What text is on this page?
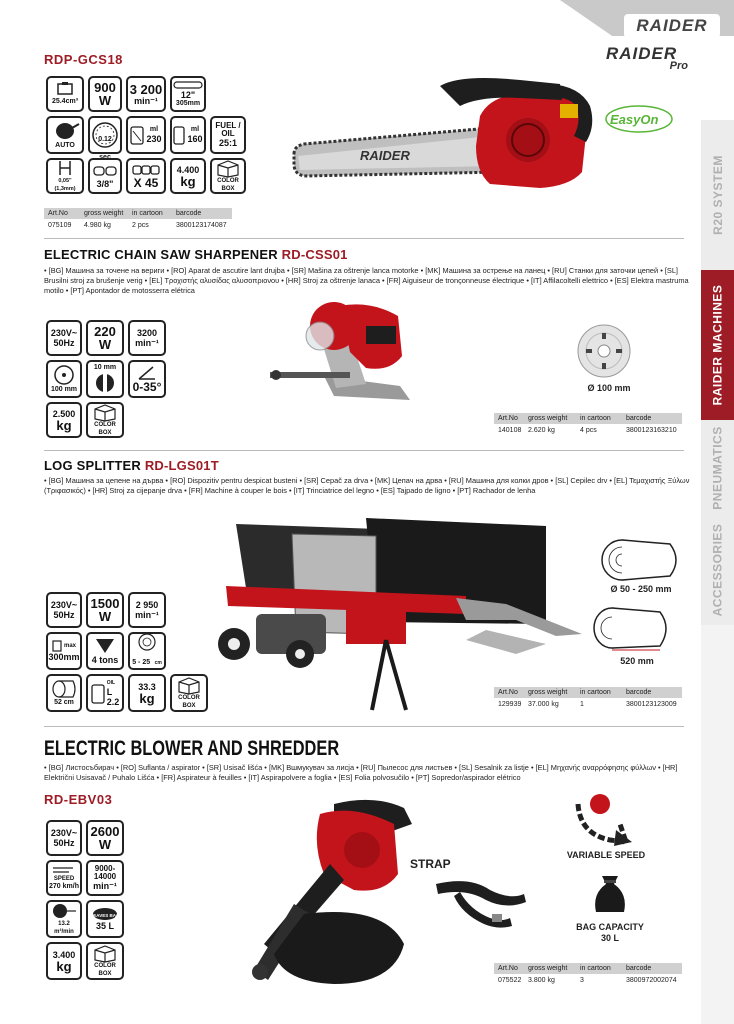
RAIDER
RAIDER
Pro
EasyOn
R20 SYSTEM
RAIDER MACHINES
PNEUMATICS
ACCESSORIES
RDP-GCS18
25.4cm³
900
W
3 200
min⁻¹
12"
305mm
AUTO
0.12

ml
230
ml
160
FUEL / OIL
25:1
0,05"(1,3mm)	3/8" X 45
4.400
kg	COLOR BOX
Art.No	gross weight	in cartoon	barcode
075109	4.980 kg	2 pcs	3800123174087
RAIDER
ELECTRIC CHAIN SAW SHARPENER RD-CSS01
• [BG] Машина за точене на вериги • [RO] Aparat de ascutire lant drujba • [SR] Mašina za oštrenje lanca motorke • [MK] Машина за острење на ланец • [RU] Станки для заточки цепей • [SL] Brusilni stroj za brušenje verig • [EL] Τροχιστής αλυσίδας αλυσοπριονου • [HR] Stroj za oštrenje lanaca • [FR] Aiguiseur de tronçonneuse électrique • [IT] Affilacoltelli elettrico • [ES] Elektra mastruma motilo • [PT] Apontador de motosserra elétrica
230V~
50Hz
220
W
3200
min⁻¹
100 mm
10 mm
0-35°
2.500
kg	COLOR BOX
Ø 100 mm
Art.No	gross weight	in cartoon	barcode
140108 2.620 kg	4 pcs	3800123163210
LOG SPLITTER RD-LGS01T
• [BG] Машина за цепене на дърва • [RO] Dispozitiv pentru despicat busteni • [SR] Cepač za drva • [MK] Цепач на дрва • [RU] Машина для колки дров • [SL] Cepilec drv • [EL] Τεμαχιστής Ξύλων (Τριφασικός) • [HR] Stroj za cijepanje drva • [FR] Machine à couper le bois • [IT] Trinciatrice del legno • [ES] Tajpado de ligno • [PT] Rachador de lenha
230V~
50Hz
1500
W
2 950
min⁻¹
max
300mm 4 tons 5 - 25 cm
52 cm
OIL
L
2.2
33.3
kg	COLOR BOX
Ø 50 - 250 mm
520 mm
Art.No	gross weight	in cartoon	barcode
129939 37.000 kg	1	3800123123009
ELECTRIC BLOWER AND SHREDDER
• [BG] Листосъбирач • [RO] Suflanta / aspirator • [SR] Usisač lišća • [MK] Вшмукувач за лисја • [RU] Пылесос для листьев • [SL] Sesalnik za listje • [EL] Μηχανής αναρρόφησης φύλλων • [HR] Električni Usisavač / Puhalo Lišća • [FR] Aspirateur à feuilles • [IT] Aspirapolvere a foglia • [ES] Folia polvosuĉilo • [PT] Sopredor/aspirador elétrico
RD-EBV03
230V~
50Hz
2600
W
SPEED
270 km/h
9000-14000
min⁻¹
13.2 m³/min
LEAVES BAG
35 L
3.400
kg	COLOR BOX
STRAP
VARIABLE SPEED
BAG CAPACITY
30 L
Art.No	gross weight	in cartoon	barcode
075522 3.800 kg	3	3800972002074
